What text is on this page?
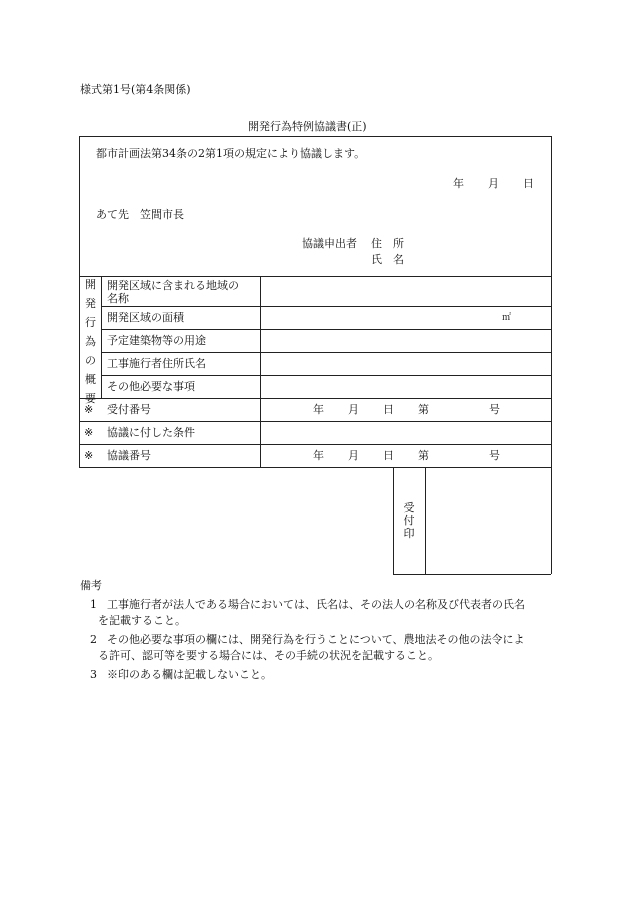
様式第1号(第4条関係)
開発行為特例協議書(正)
都市計画法第34条の2第1項の規定により協議します。
年 月 日
あて先　笠間市長
協議申出者 住　所
氏　名
開
発
行
為
の
概
要
開発区域に含まれる地域の
名称
開発区域の面積	㎡
予定建築物等の用途
工事施行者住所氏名
その他必要な事項
※ 受付番号	年 月 日 第	号
※ 協議に付した条件
※ 協議番号	年 月 日 第	号
受
付
印
備考
1 工事施行者が法人である場合においては、氏名は、その法人の名称及び代表者の氏名
を記載すること。
2 その他必要な事項の欄には、開発行為を行うことについて、農地法その他の法令によ
る許可、認可等を要する場合には、その手続の状況を記載すること。
3 ※印のある欄は記載しないこと。
